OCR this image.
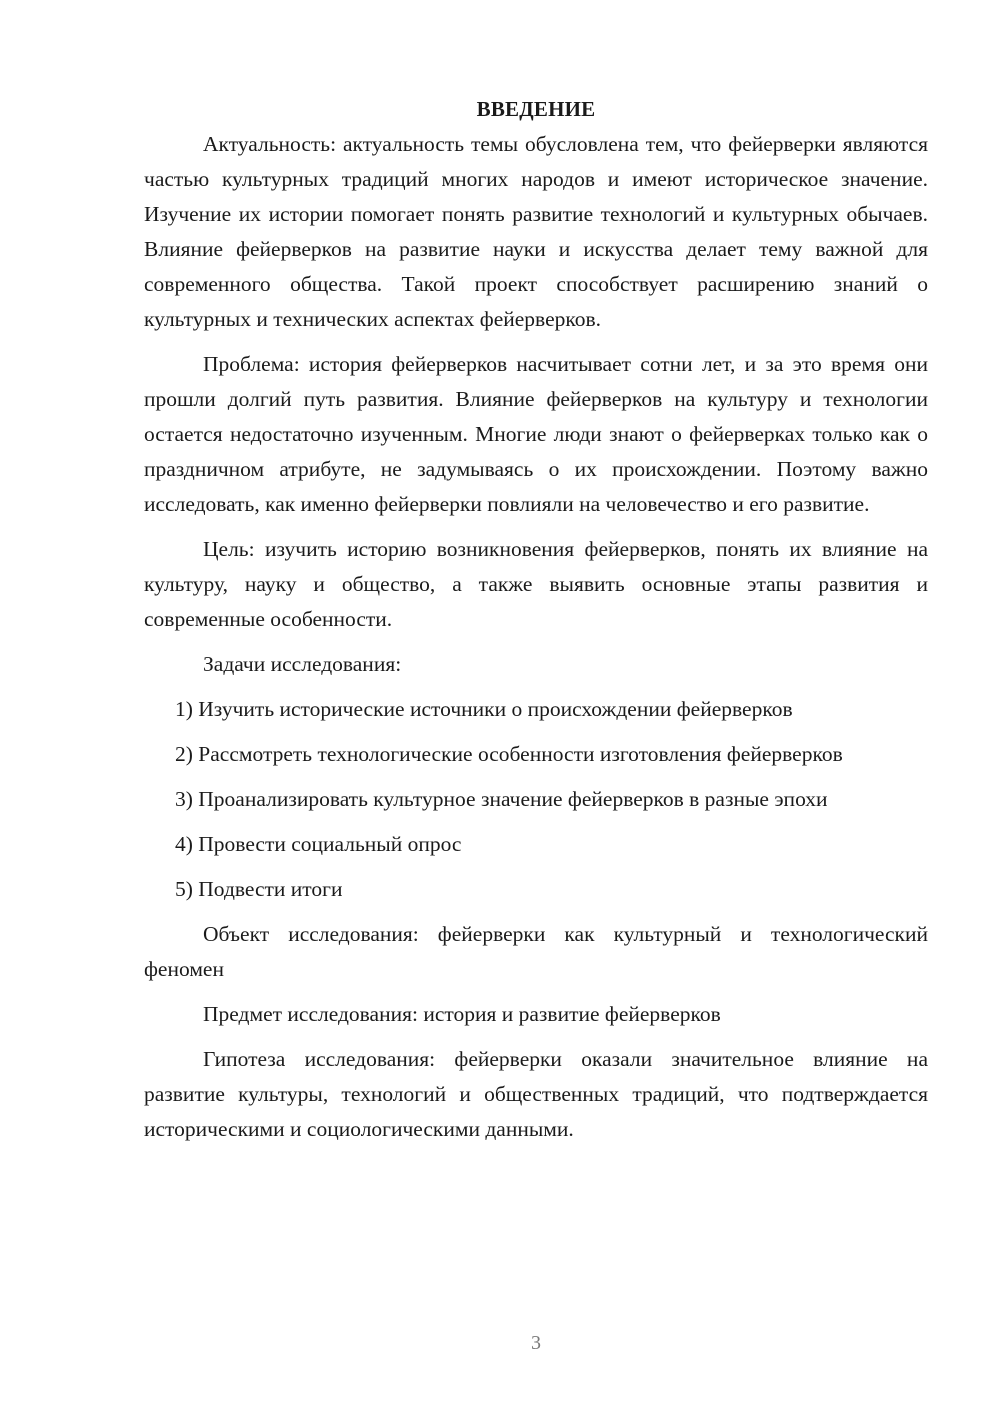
ВВЕДЕНИЕ

Актуальность: актуальность темы обусловлена тем, что фейерверки являются частью культурных традиций многих народов и имеют историческое значение. Изучение их истории помогает понять развитие технологий и культурных обычаев. Влияние фейерверков на развитие науки и искусства делает тему важной для современного общества. Такой проект способствует расширению знаний о культурных и технических аспектах фейерверков.

Проблема: история фейерверков насчитывает сотни лет, и за это время они прошли долгий путь развития. Влияние фейерверков на культуру и технологии остается недостаточно изученным. Многие люди знают о фейерверках только как о праздничном атрибуте, не задумываясь о их происхождении. Поэтому важно исследовать, как именно фейерверки повлияли на человечество и его развитие.

Цель: изучить историю возникновения фейерверков, понять их влияние на культуру, науку и общество, а также выявить основные этапы развития и современные особенности.

Задачи исследования:

1) Изучить исторические источники о происхождении фейерверков

2) Рассмотреть технологические особенности изготовления фейерверков

3) Проанализировать культурное значение фейерверков в разные эпохи

4) Провести социальный опрос

5) Подвести итоги

Объект исследования: фейерверки как культурный и технологический феномен

Предмет исследования: история и развитие фейерверков

Гипотеза исследования: фейерверки оказали значительное влияние на развитие культуры, технологий и общественных традиций, что подтверждается историческими и социологическими данными.

3
